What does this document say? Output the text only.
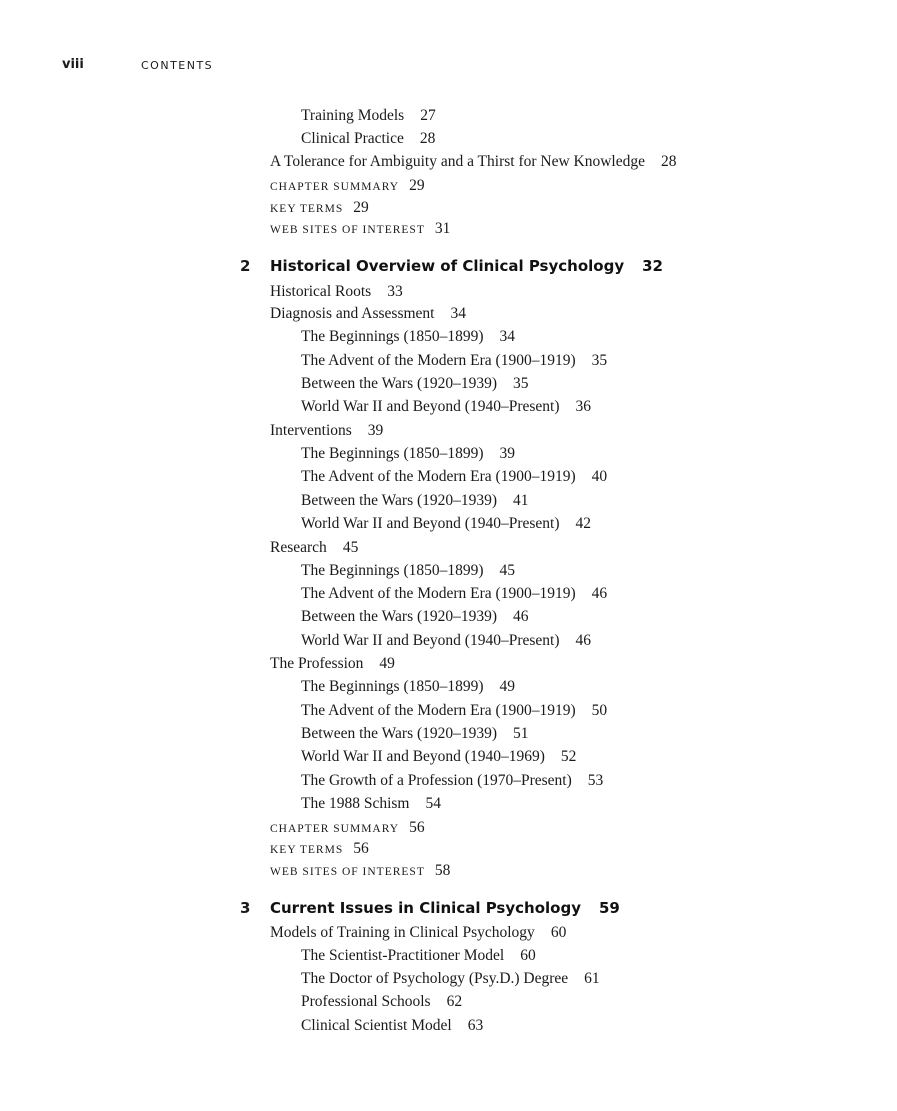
viii	CONTENTS
Training Models 27
Clinical Practice 28
A Tolerance for Ambiguity and a Thirst for New Knowledge 28
CHAPTER SUMMARY 29
KEY TERMS 29
WEB SITES OF INTEREST 31
2 Historical Overview of Clinical Psychology 32
Historical Roots 33
Diagnosis and Assessment 34
The Beginnings (1850–1899) 34
The Advent of the Modern Era (1900–1919) 35
Between the Wars (1920–1939) 35
World War II and Beyond (1940–Present) 36
Interventions 39
The Beginnings (1850–1899) 39
The Advent of the Modern Era (1900–1919) 40
Between the Wars (1920–1939) 41
World War II and Beyond (1940–Present) 42
Research 45
The Beginnings (1850–1899) 45
The Advent of the Modern Era (1900–1919) 46
Between the Wars (1920–1939) 46
World War II and Beyond (1940–Present) 46
The Profession 49
The Beginnings (1850–1899) 49
The Advent of the Modern Era (1900–1919) 50
Between the Wars (1920–1939) 51
World War II and Beyond (1940–1969) 52
The Growth of a Profession (1970–Present) 53
The 1988 Schism 54
CHAPTER SUMMARY 56
KEY TERMS 56
WEB SITES OF INTEREST 58
3 Current Issues in Clinical Psychology 59
Models of Training in Clinical Psychology 60
The Scientist-Practitioner Model 60
The Doctor of Psychology (Psy.D.) Degree 61
Professional Schools 62
Clinical Scientist Model 63
